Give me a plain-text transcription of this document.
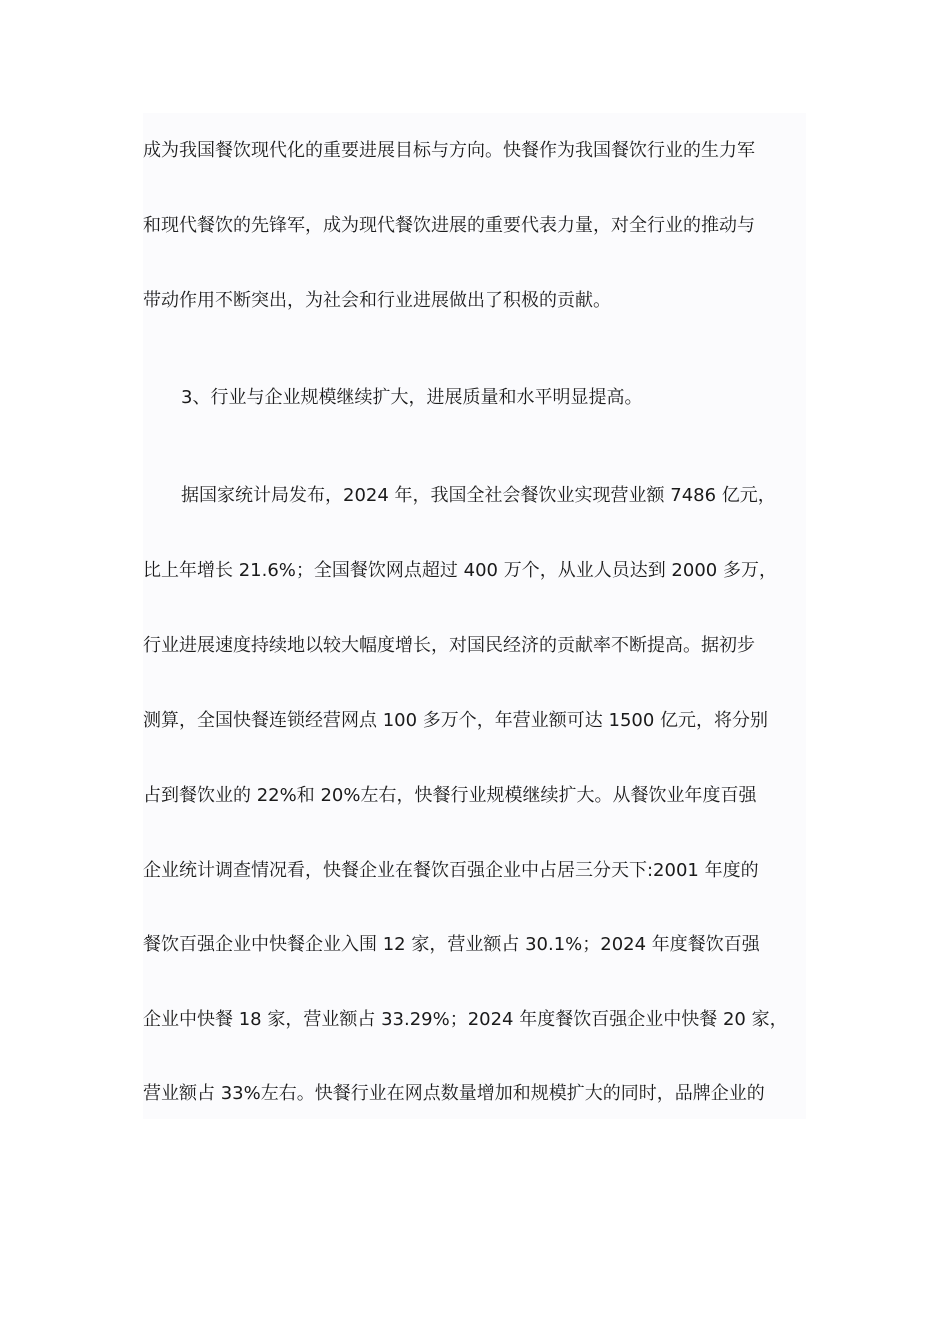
成为我国餐饮现代化的重要进展目标与方向。快餐作为我国餐饮行业的生力军
和现代餐饮的先锋军，成为现代餐饮进展的重要代表力量，对全行业的推动与
带动作用不断突出，为社会和行业进展做出了积极的贡献。
3、行业与企业规模继续扩大，进展质量和水平明显提高。
据国家统计局发布，2024 年，我国全社会餐饮业实现营业额 7486 亿元，
比上年增长 21.6%；全国餐饮网点超过 400 万个，从业人员达到 2000 多万，
行业进展速度持续地以较大幅度增长，对国民经济的贡献率不断提高。据初步
测算，全国快餐连锁经营网点 100 多万个，年营业额可达 1500 亿元，将分别
占到餐饮业的 22%和 20%左右，快餐行业规模继续扩大。从餐饮业年度百强
企业统计调查情况看，快餐企业在餐饮百强企业中占居三分天下:2001 年度的
餐饮百强企业中快餐企业入围 12 家，营业额占 30.1%；2024 年度餐饮百强
企业中快餐 18 家，营业额占 33.29%；2024 年度餐饮百强企业中快餐 20 家，
营业额占 33%左右。快餐行业在网点数量增加和规模扩大的同时，品牌企业的
